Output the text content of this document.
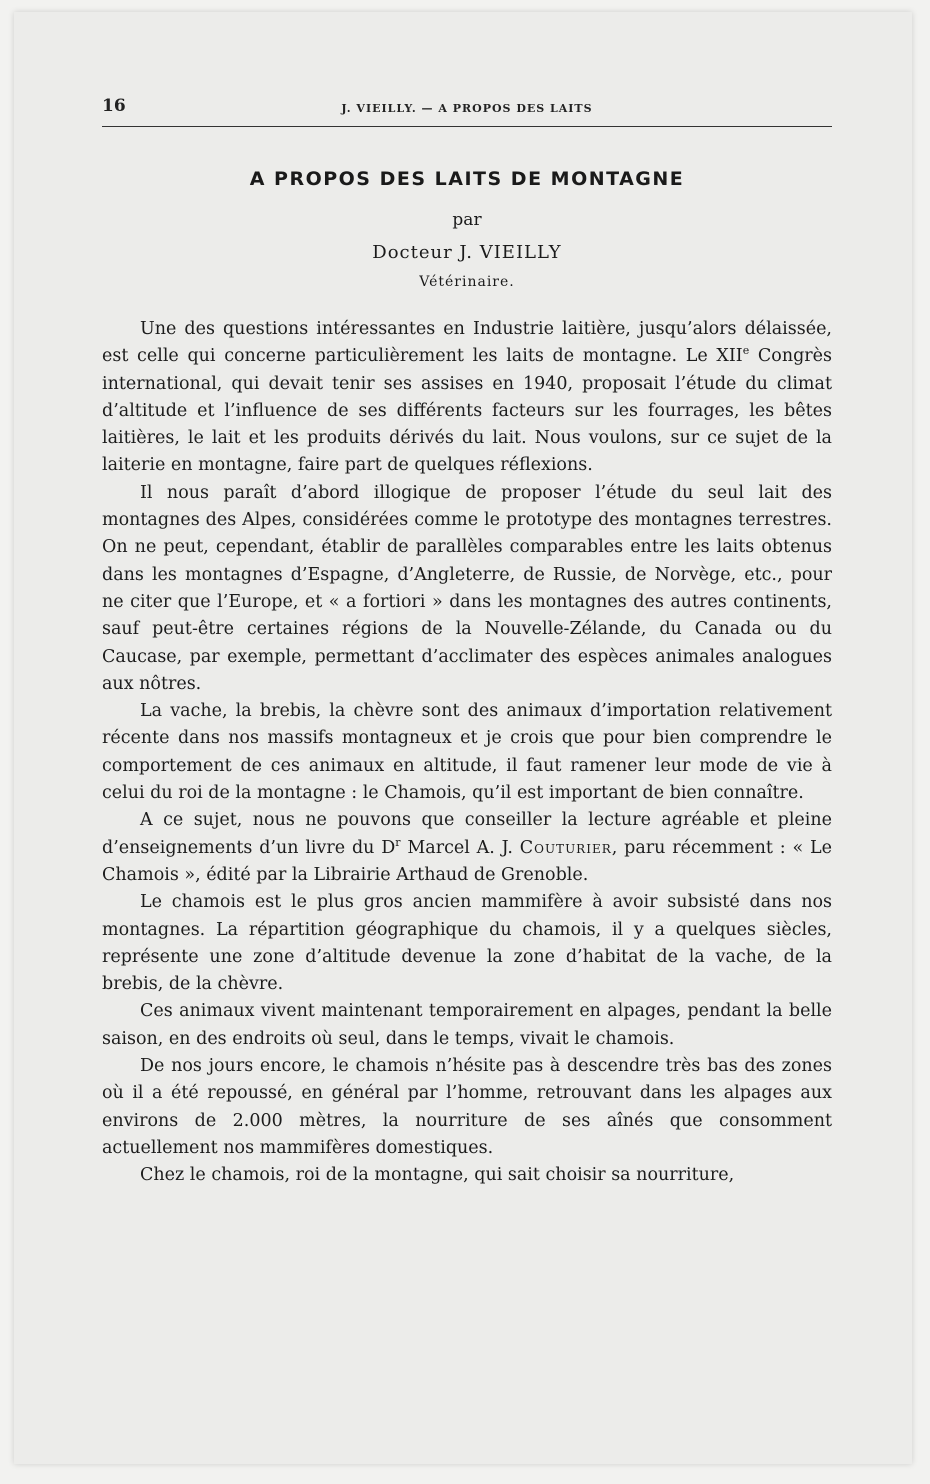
16	J. VIEILLY. — A PROPOS DES LAITS
A PROPOS DES LAITS DE MONTAGNE
par
Docteur J. VIEILLY
Vétérinaire.

Une des questions intéressantes en Industrie laitière, jusqu’alors délaissée, est celle qui concerne particulièrement les laits de montagne. Le XIIe Congrès international, qui devait tenir ses assises en 1940, proposait l’étude du climat d’altitude et l’influence de ses différents facteurs sur les fourrages, les bêtes laitières, le lait et les produits dérivés du lait. Nous voulons, sur ce sujet de la laiterie en montagne, faire part de quelques réflexions.

Il nous paraît d’abord illogique de proposer l’étude du seul lait des montagnes des Alpes, considérées comme le prototype des montagnes terrestres. On ne peut, cependant, établir de parallèles comparables entre les laits obtenus dans les montagnes d’Espagne, d’Angleterre, de Russie, de Norvège, etc., pour ne citer que l’Europe, et « a fortiori » dans les montagnes des autres continents, sauf peut-être certaines régions de la Nouvelle-Zélande, du Canada ou du Caucase, par exemple, permettant d’acclimater des espèces animales analogues aux nôtres.

La vache, la brebis, la chèvre sont des animaux d’importation relativement récente dans nos massifs montagneux et je crois que pour bien comprendre le comportement de ces animaux en altitude, il faut ramener leur mode de vie à celui du roi de la montagne : le Chamois, qu’il est important de bien connaître.

A ce sujet, nous ne pouvons que conseiller la lecture agréable et pleine d’enseignements d’un livre du $D^r$ Marcel A. J. Couturier, paru récemment : « Le Chamois », édité par la Librairie Arthaud de Grenoble.

Le chamois est le plus gros ancien mammifère à avoir subsisté dans nos montagnes. La répartition géographique du chamois, il y a quelques siècles, représente une zone d’altitude devenue la zone d’habitat de la vache, de la brebis, de la chèvre.

Ces animaux vivent maintenant temporairement en alpages, pendant la belle saison, en des endroits où seul, dans le temps, vivait le chamois.

De nos jours encore, le chamois n’hésite pas à descendre très bas des zones où il a été repoussé, en général par l’homme, retrouvant dans les alpages aux environs de 2.000 mètres, la nourriture de ses aînés que consomment actuellement nos mammifères domestiques.

Chez le chamois, roi de la montagne, qui sait choisir sa nourriture,
